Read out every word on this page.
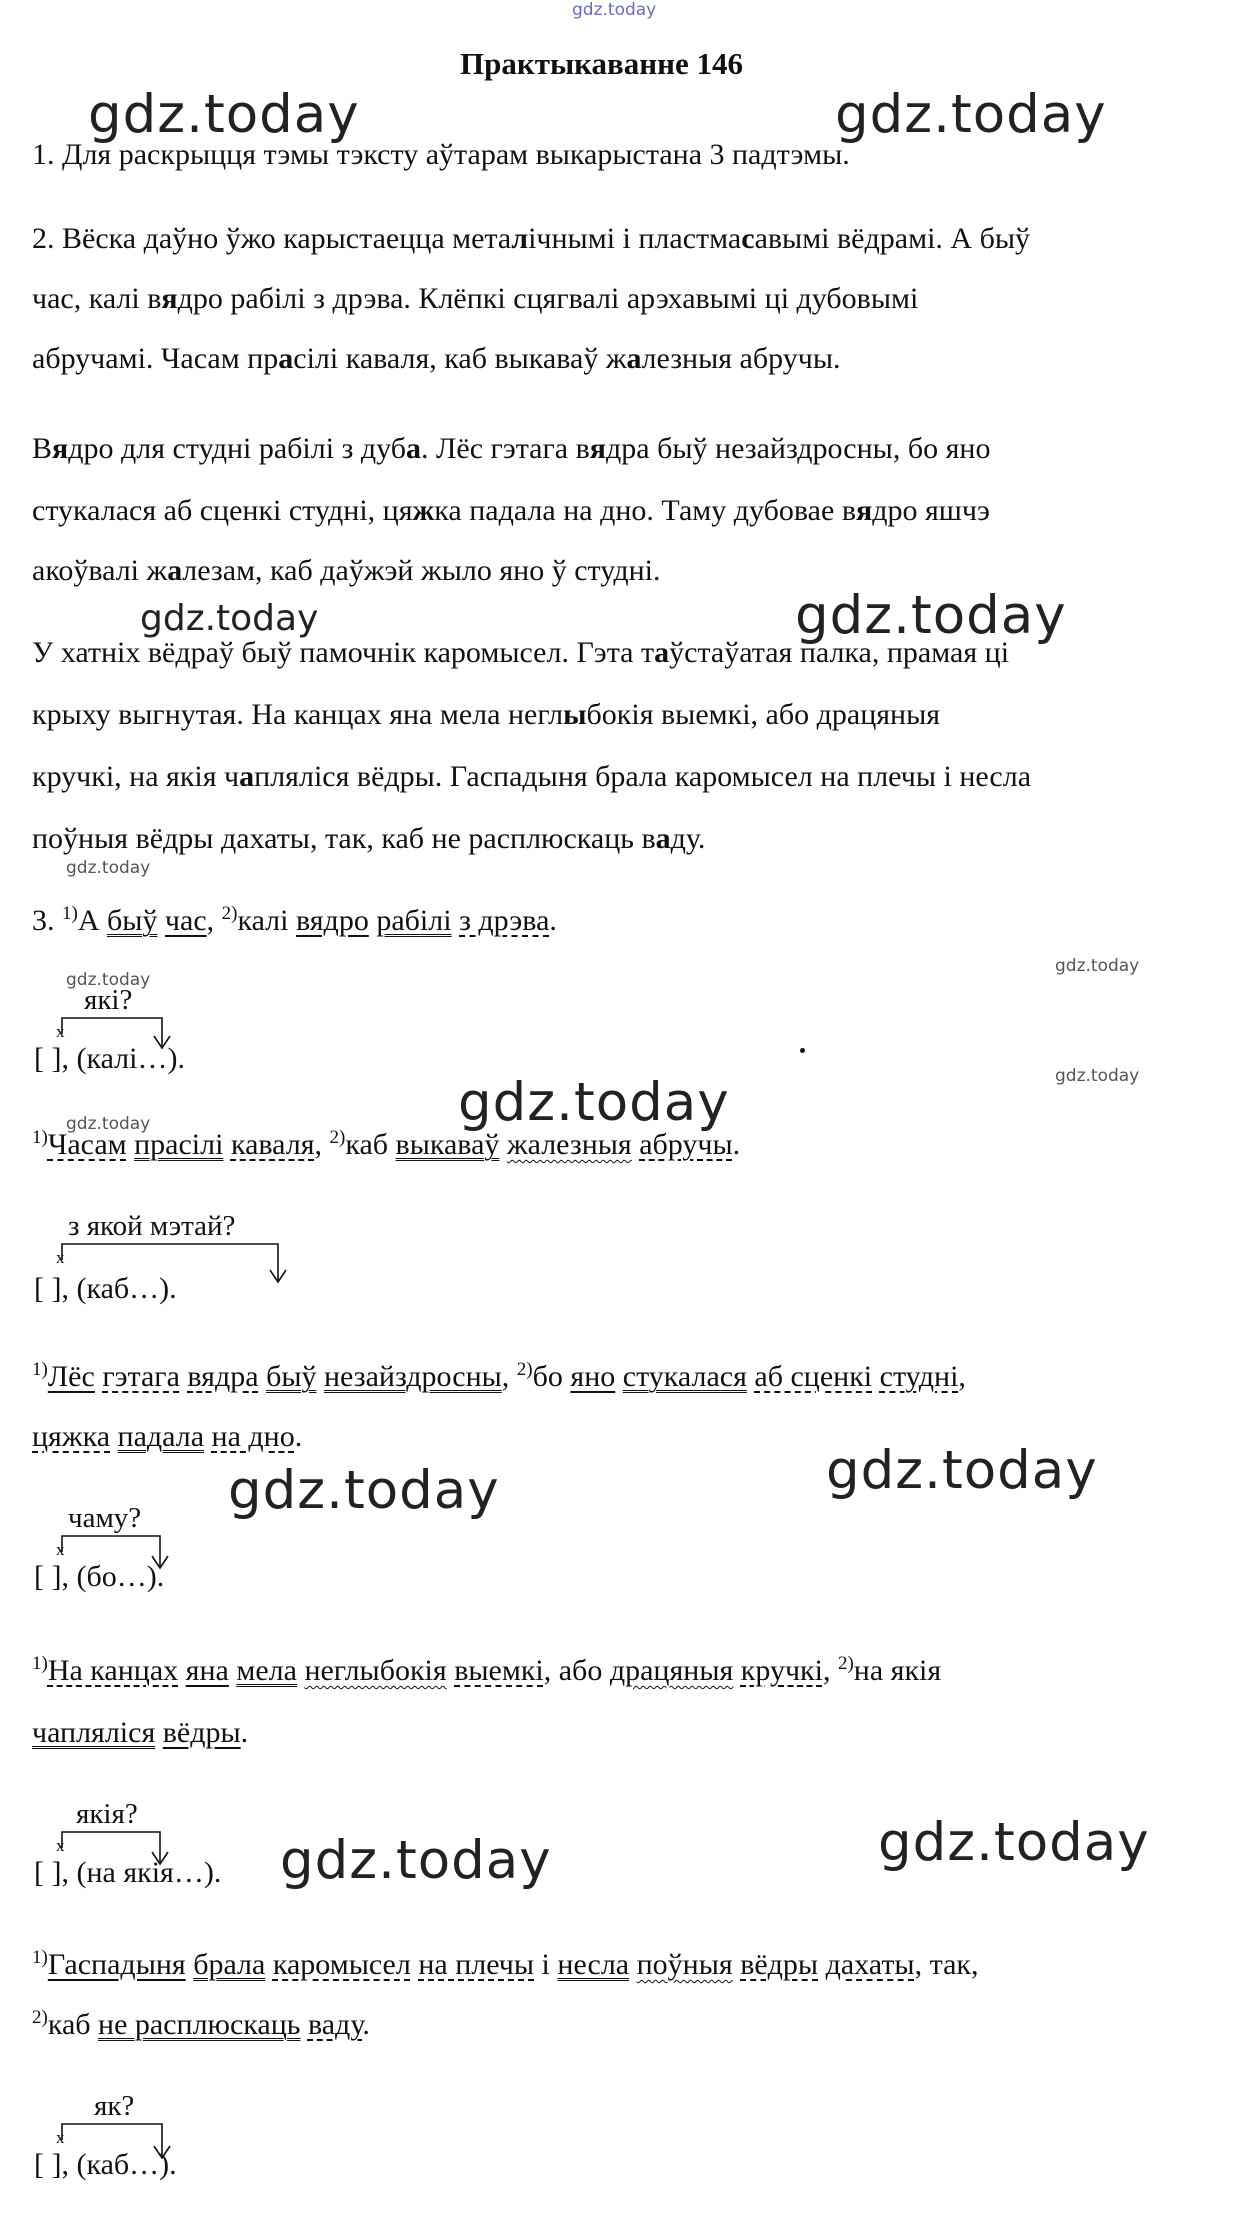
gdz.today
gdz.today	gdz.today
gdz.today	gdz.today
gdz.today
gdz.today
gdz.today
gdz.today
gdz.today
gdz.today
gdz.today	gdz.today
gdz.today	gdz.today
Практыкаванне 146
1. Для раскрыцця тэмы тэксту аўтарам выкарыстана 3 падтэмы.
2. Вёска даўно ўжо карыстаецца металічнымі і пластмасавымі вёдрамі. А быў
час, калі вядро рабілі з дрэва. Клёпкі сцягвалі арэхавымі ці дубовымі
абручамі. Часам прасілі каваля, каб выкаваў жалезныя абручы.
Вядро для студні рабілі з дуба. Лёс гэтага вядра быў незайздросны, бо яно
стукалася аб сценкі студні, цяжка падала на дно. Таму дубовае вядро яшчэ
акоўвалі жалезам, каб даўжэй жыло яно ў студні.
У хатніх вёдраў быў памочнік каромысел. Гэта таўстаўатая палка, прамая ці
крыху выгнутая. На канцах яна мела неглыбокія выемкі, або драцяныя
кручкі, на якія чапляліся вёдры. Гаспадыня брала каромысел на плечы і несла
поўныя вёдры дахаты, так, каб не расплюскаць ваду.
3. $^{1)}$А быў час, $^{2)}$калі вядро рабілі з дрэва.
які?
x
[ ], (калі…).
$^{1)}$Часам прасілі каваля, $^{2)}$каб выкаваў жалезныя абручы.
з якой мэтай?
x
[ ], (каб…).
$^{1)}$Лёс гэтага вядра быў незайздросны, $^{2)}$бо яно стукалася аб сценкі студні,
цяжка падала на дно.
чаму?
x
[ ], (бо…).
$^{1)}$На канцах яна мела неглыбокія выемкі, або драцяныя кручкі, $^{2)}$на якія
чапляліся вёдры.
якія?
x
[ ], (на якія…).
$^{1)}$Гаспадыня брала каромысел на плечы і несла поўныя вёдры дахаты, так,
$^{2)}$каб не расплюскаць ваду.
як?
x
[ ], (каб…).
